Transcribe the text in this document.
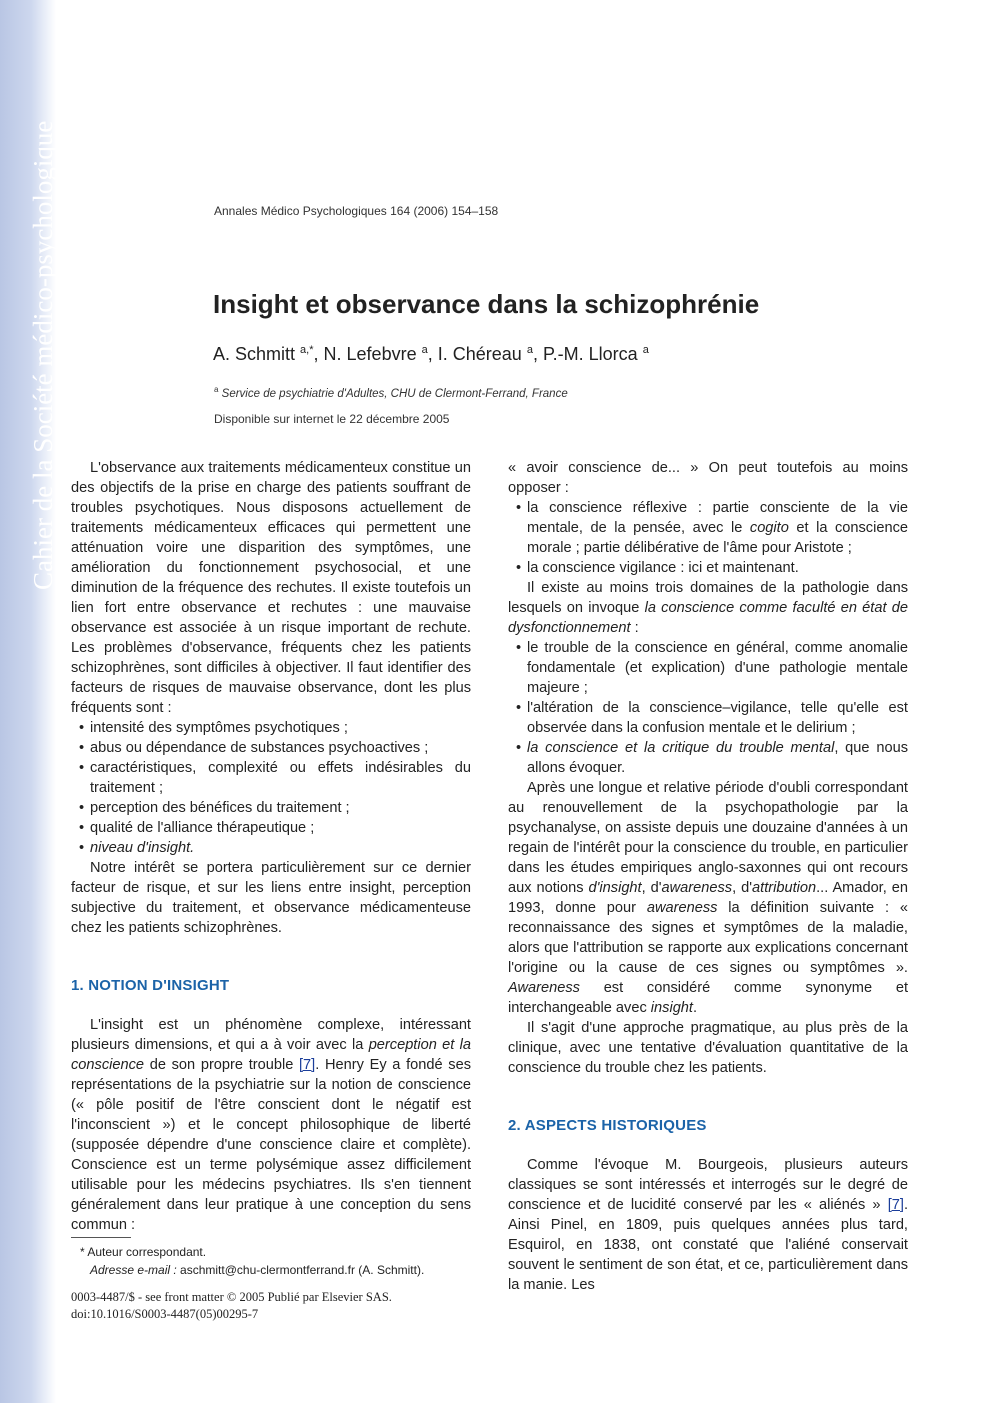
Cahier de la Société médico-psychologique	Annales Médico Psychologiques 164 (2006) 154–158
Insight et observance dans la schizophrénie
A. Schmitt $^{a,*}$, N. Lefebvre $^a$, I. Chéreau $^a$, P.-M. Llorca $^a$
$^a$ Service de psychiatrie d'Adultes, CHU de Clermont-Ferrand, France
Disponible sur internet le 22 décembre 2005

L'observance aux traitements médicamenteux constitue un des objectifs de la prise en charge des patients souffrant de troubles psychotiques. Nous disposons actuellement de traitements médicamenteux efficaces qui permettent une atténuation voire une disparition des symptômes, une amélioration du fonctionnement psychosocial, et une diminution de la fréquence des rechutes. Il existe toutefois un lien fort entre observance et rechutes : une mauvaise observance est associée à un risque important de rechute. Les problèmes d'observance, fréquents chez les patients schizophrènes, sont difficiles à objectiver. Il faut identifier des facteurs de risques de mauvaise observance, dont les plus fréquents sont :

• intensité des symptômes psychotiques ;
• abus ou dépendance de substances psychoactives ;
• caractéristiques, complexité ou effets indésirables du traitement ;
• perception des bénéfices du traitement ;
• qualité de l'alliance thérapeutique ;
• niveau d'insight.

Notre intérêt se portera particulièrement sur ce dernier facteur de risque, et sur les liens entre insight, perception subjective du traitement, et observance médicamenteuse chez les patients schizophrènes.

1. NOTION D'INSIGHT

L'insight est un phénomène complexe, intéressant plusieurs dimensions, et qui a à voir avec la perception et la conscience de son propre trouble [7]. Henry Ey a fondé ses représentations de la psychiatrie sur la notion de conscience (« pôle positif de l'être conscient dont le négatif est l'inconscient ») et le concept philosophique de liberté (supposée dépendre d'une conscience claire et complète). Conscience est un terme polysémique assez difficilement utilisable pour les médecins psychiatres. Ils s'en tiennent généralement dans leur pratique à une conception du sens commun :

« avoir conscience de... » On peut toutefois au moins opposer :

• la conscience réflexive : partie consciente de la vie mentale, de la pensée, avec le cogito et la conscience morale ; partie délibérative de l'âme pour Aristote ;
• la conscience vigilance : ici et maintenant.

Il existe au moins trois domaines de la pathologie dans lesquels on invoque la conscience comme faculté en état de dysfonctionnement :

• le trouble de la conscience en général, comme anomalie fondamentale (et explication) d'une pathologie mentale majeure ;
• l'altération de la conscience–vigilance, telle qu'elle est observée dans la confusion mentale et le delirium ;
• la conscience et la critique du trouble mental, que nous allons évoquer.

Après une longue et relative période d'oubli correspondant au renouvellement de la psychopathologie par la psychanalyse, on assiste depuis une douzaine d'années à un regain de l'intérêt pour la conscience du trouble, en particulier dans les études empiriques anglo-saxonnes qui ont recours aux notions d'insight, d'awareness, d'attribution... Amador, en 1993, donne pour awareness la définition suivante : « reconnaissance des signes et symptômes de la maladie, alors que l'attribution se rapporte aux explications concernant l'origine ou la cause de ces signes ou symptômes ». Awareness est considéré comme synonyme et interchangeable avec insight.

Il s'agit d'une approche pragmatique, au plus près de la clinique, avec une tentative d'évaluation quantitative de la conscience du trouble chez les patients.

2. ASPECTS HISTORIQUES

Comme l'évoque M. Bourgeois, plusieurs auteurs classiques se sont intéressés et interrogés sur le degré de conscience et de lucidité conservé par les « aliénés » [7]. Ainsi Pinel, en 1809, puis quelques années plus tard, Esquirol, en 1838, ont constaté que l'aliéné conservait souvent le sentiment de son état, et ce, particulièrement dans la manie. Les

* Auteur correspondant.
Adresse e-mail : aschmitt@chu-clermontferrand.fr (A. Schmitt).
0003-4487/$ - see front matter © 2005 Publié par Elsevier SAS.
doi:10.1016/S0003-4487(05)00295-7
